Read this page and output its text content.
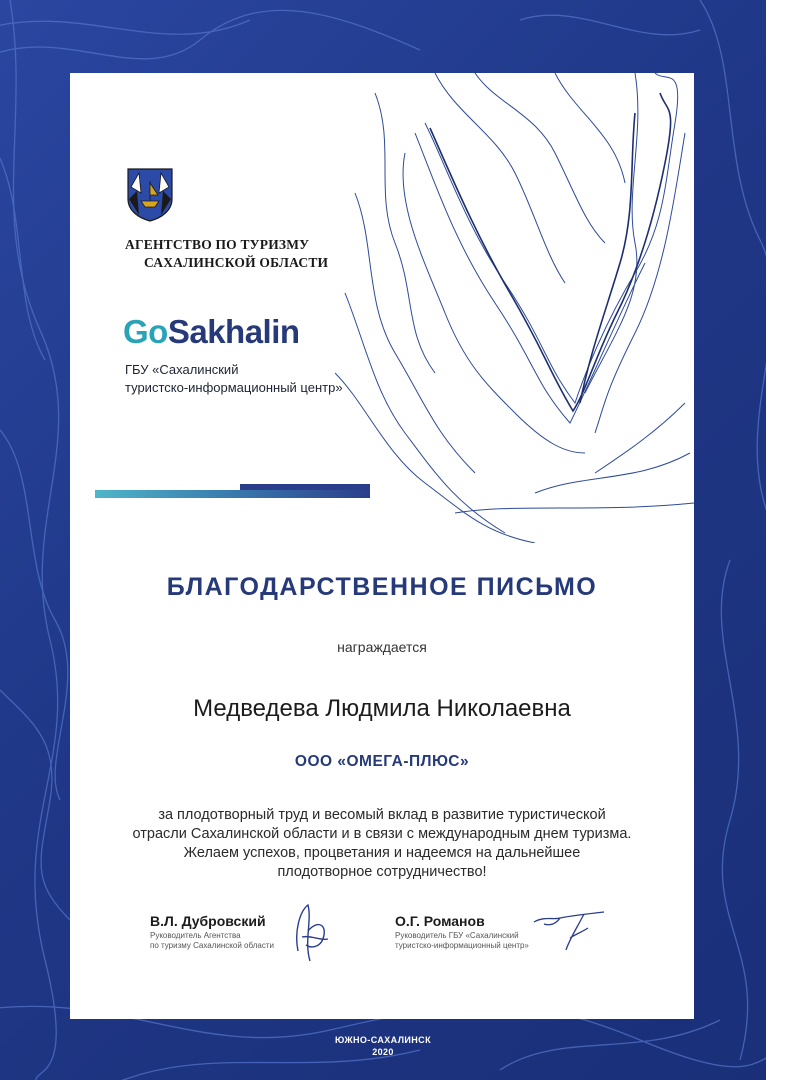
АГЕНТСТВО ПО ТУРИЗМУ
САХАЛИНСКОЙ ОБЛАСТИ
GoSakhalin
ГБУ «Сахалинский
туристско-информационный центр»
БЛАГОДАРСТВЕННОЕ ПИСЬМО
награждается
Медведева Людмила Николаевна
ООО «ОМЕГА-ПЛЮС»
за плодотворный труд и весомый вклад в развитие туристической
отрасли Сахалинской области и в связи с международным днем туризма.
Желаем успехов, процветания и надеемся на дальнейшее
плодотворное сотрудничество!
В.Л. Дубровский
Руководитель Агентства
по туризму Сахалинской области
О.Г. Романов
Руководитель ГБУ «Сахалинский
туристско-информационный центр»
ЮЖНО-САХАЛИНСК
2020
